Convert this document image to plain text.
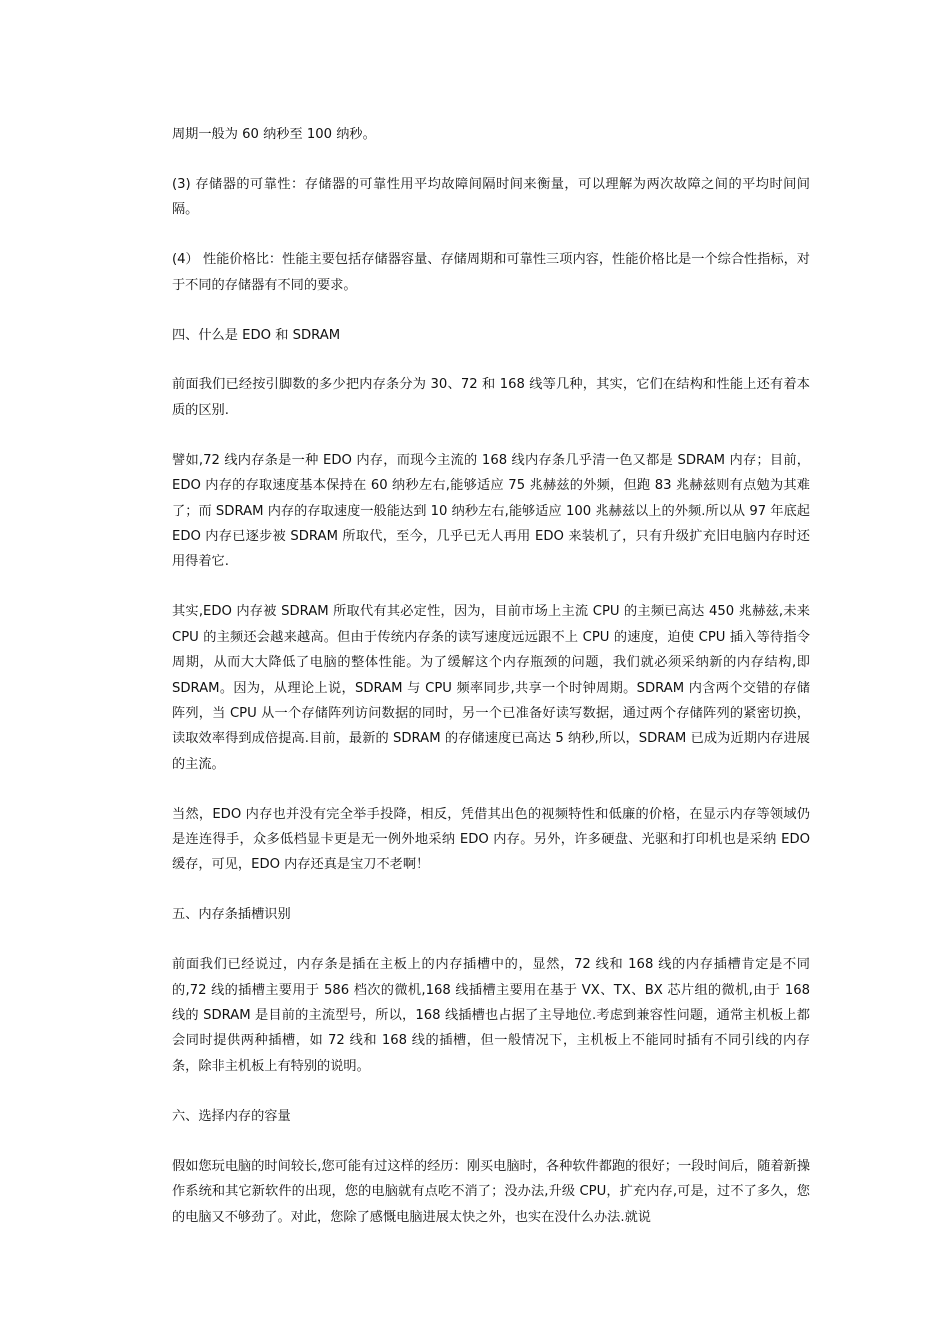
周期一般为 60 纳秒至 100 纳秒。

(3) 存储器的可靠性：存储器的可靠性用平均故障间隔时间来衡量，可以理解为两次故障之间的平均时间间隔。

(4） 性能价格比：性能主要包括存储器容量、存储周期和可靠性三项内容，性能价格比是一个综合性指标，对于不同的存储器有不同的要求。

四、什么是 EDO 和 SDRAM

前面我们已经按引脚数的多少把内存条分为 30、72 和 168 线等几种，其实，它们在结构和性能上还有着本质的区别.

譬如,72 线内存条是一种 EDO 内存，而现今主流的 168 线内存条几乎清一色又都是 SDRAM 内存；目前，EDO 内存的存取速度基本保持在 60 纳秒左右,能够适应 75 兆赫兹的外频，但跑 83 兆赫兹则有点勉为其难了；而 SDRAM 内存的存取速度一般能达到 10 纳秒左右,能够适应 100 兆赫兹以上的外频.所以从 97 年底起 EDO 内存已逐步被 SDRAM 所取代，至今，几乎已无人再用 EDO 来装机了，只有升级扩充旧电脑内存时还用得着它.

其实,EDO 内存被 SDRAM 所取代有其必定性，因为，目前市场上主流 CPU 的主频已高达 450 兆赫兹,未来 CPU 的主频还会越来越高。但由于传统内存条的读写速度远远跟不上 CPU 的速度，迫使 CPU 插入等待指令周期，从而大大降低了电脑的整体性能。为了缓解这个内存瓶颈的问题，我们就必须采纳新的内存结构,即 SDRAM。因为，从理论上说，SDRAM 与 CPU 频率同步,共享一个时钟周期。SDRAM 内含两个交错的存储阵列，当 CPU 从一个存储阵列访问数据的同时，另一个已准备好读写数据，通过两个存储阵列的紧密切换，读取效率得到成倍提高.目前，最新的 SDRAM 的存储速度已高达 5 纳秒,所以，SDRAM 已成为近期内存进展的主流。

当然，EDO 内存也并没有完全举手投降，相反，凭借其出色的视频特性和低廉的价格，在显示内存等领域仍是连连得手，众多低档显卡更是无一例外地采纳 EDO 内存。另外，许多硬盘、光驱和打印机也是采纳 EDO 缓存，可见，EDO 内存还真是宝刀不老啊！

五、内存条插槽识别

前面我们已经说过，内存条是插在主板上的内存插槽中的，显然，72 线和 168 线的内存插槽肯定是不同的,72 线的插槽主要用于 586 档次的微机,168 线插槽主要用在基于 VX、TX、BX 芯片组的微机,由于 168 线的 SDRAM 是目前的主流型号，所以，168 线插槽也占据了主导地位.考虑到兼容性问题，通常主机板上都会同时提供两种插槽，如 72 线和 168 线的插槽，但一般情况下，主机板上不能同时插有不同引线的内存条，除非主机板上有特别的说明。

六、选择内存的容量

假如您玩电脑的时间较长,您可能有过这样的经历：刚买电脑时，各种软件都跑的很好；一段时间后，随着新操作系统和其它新软件的出现，您的电脑就有点吃不消了；没办法,升级 CPU，扩充内存,可是，过不了多久，您的电脑又不够劲了。对此，您除了感慨电脑进展太快之外，也实在没什么办法.就说
